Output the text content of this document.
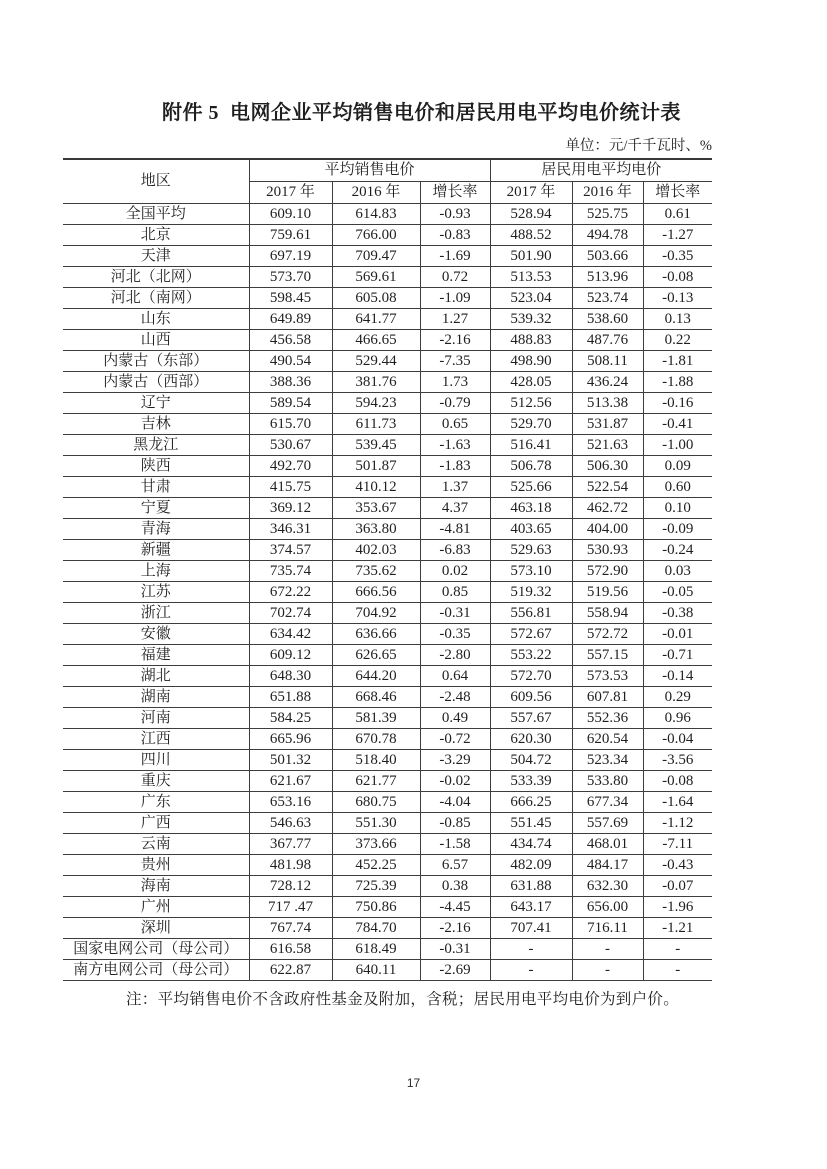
附件 5  电网企业平均销售电价和居民用电平均电价统计表
单位：元/千千瓦时、%
地区	平均销售电价			居民用电平均电价		
	2017 年	2016 年	增长率	2017 年	2016 年	增长率
全国平均	609.10	614.83	-0.93	528.94	525.75	0.61
北京	759.61	766.00	-0.83	488.52	494.78	-1.27
天津	697.19	709.47	-1.69	501.90	503.66	-0.35
河北（北网）	573.70	569.61	0.72	513.53	513.96	-0.08
河北（南网）	598.45	605.08	-1.09	523.04	523.74	-0.13
山东	649.89	641.77	1.27	539.32	538.60	0.13
山西	456.58	466.65	-2.16	488.83	487.76	0.22
内蒙古（东部）	490.54	529.44	-7.35	498.90	508.11	-1.81
内蒙古（西部）	388.36	381.76	1.73	428.05	436.24	-1.88
辽宁	589.54	594.23	-0.79	512.56	513.38	-0.16
吉林	615.70	611.73	0.65	529.70	531.87	-0.41
黑龙江	530.67	539.45	-1.63	516.41	521.63	-1.00
陕西	492.70	501.87	-1.83	506.78	506.30	0.09
甘肃	415.75	410.12	1.37	525.66	522.54	0.60
宁夏	369.12	353.67	4.37	463.18	462.72	0.10
青海	346.31	363.80	-4.81	403.65	404.00	-0.09
新疆	374.57	402.03	-6.83	529.63	530.93	-0.24
上海	735.74	735.62	0.02	573.10	572.90	0.03
江苏	672.22	666.56	0.85	519.32	519.56	-0.05
浙江	702.74	704.92	-0.31	556.81	558.94	-0.38
安徽	634.42	636.66	-0.35	572.67	572.72	-0.01
福建	609.12	626.65	-2.80	553.22	557.15	-0.71
湖北	648.30	644.20	0.64	572.70	573.53	-0.14
湖南	651.88	668.46	-2.48	609.56	607.81	0.29
河南	584.25	581.39	0.49	557.67	552.36	0.96
江西	665.96	670.78	-0.72	620.30	620.54	-0.04
四川	501.32	518.40	-3.29	504.72	523.34	-3.56
重庆	621.67	621.77	-0.02	533.39	533.80	-0.08
广东	653.16	680.75	-4.04	666.25	677.34	-1.64
广西	546.63	551.30	-0.85	551.45	557.69	-1.12
云南	367.77	373.66	-1.58	434.74	468.01	-7.11
贵州	481.98	452.25	6.57	482.09	484.17	-0.43
海南	728.12	725.39	0.38	631.88	632.30	-0.07
广州	717 .47	750.86	-4.45	643.17	656.00	-1.96
深圳	767.74	784.70	-2.16	707.41	716.11	-1.21
国家电网公司（母公司）	616.58	618.49	-0.31	-	-	-
南方电网公司（母公司）	622.87	640.11	-2.69	-	-	-
注：平均销售电价不含政府性基金及附加，含税；居民用电平均电价为到户价。
17
